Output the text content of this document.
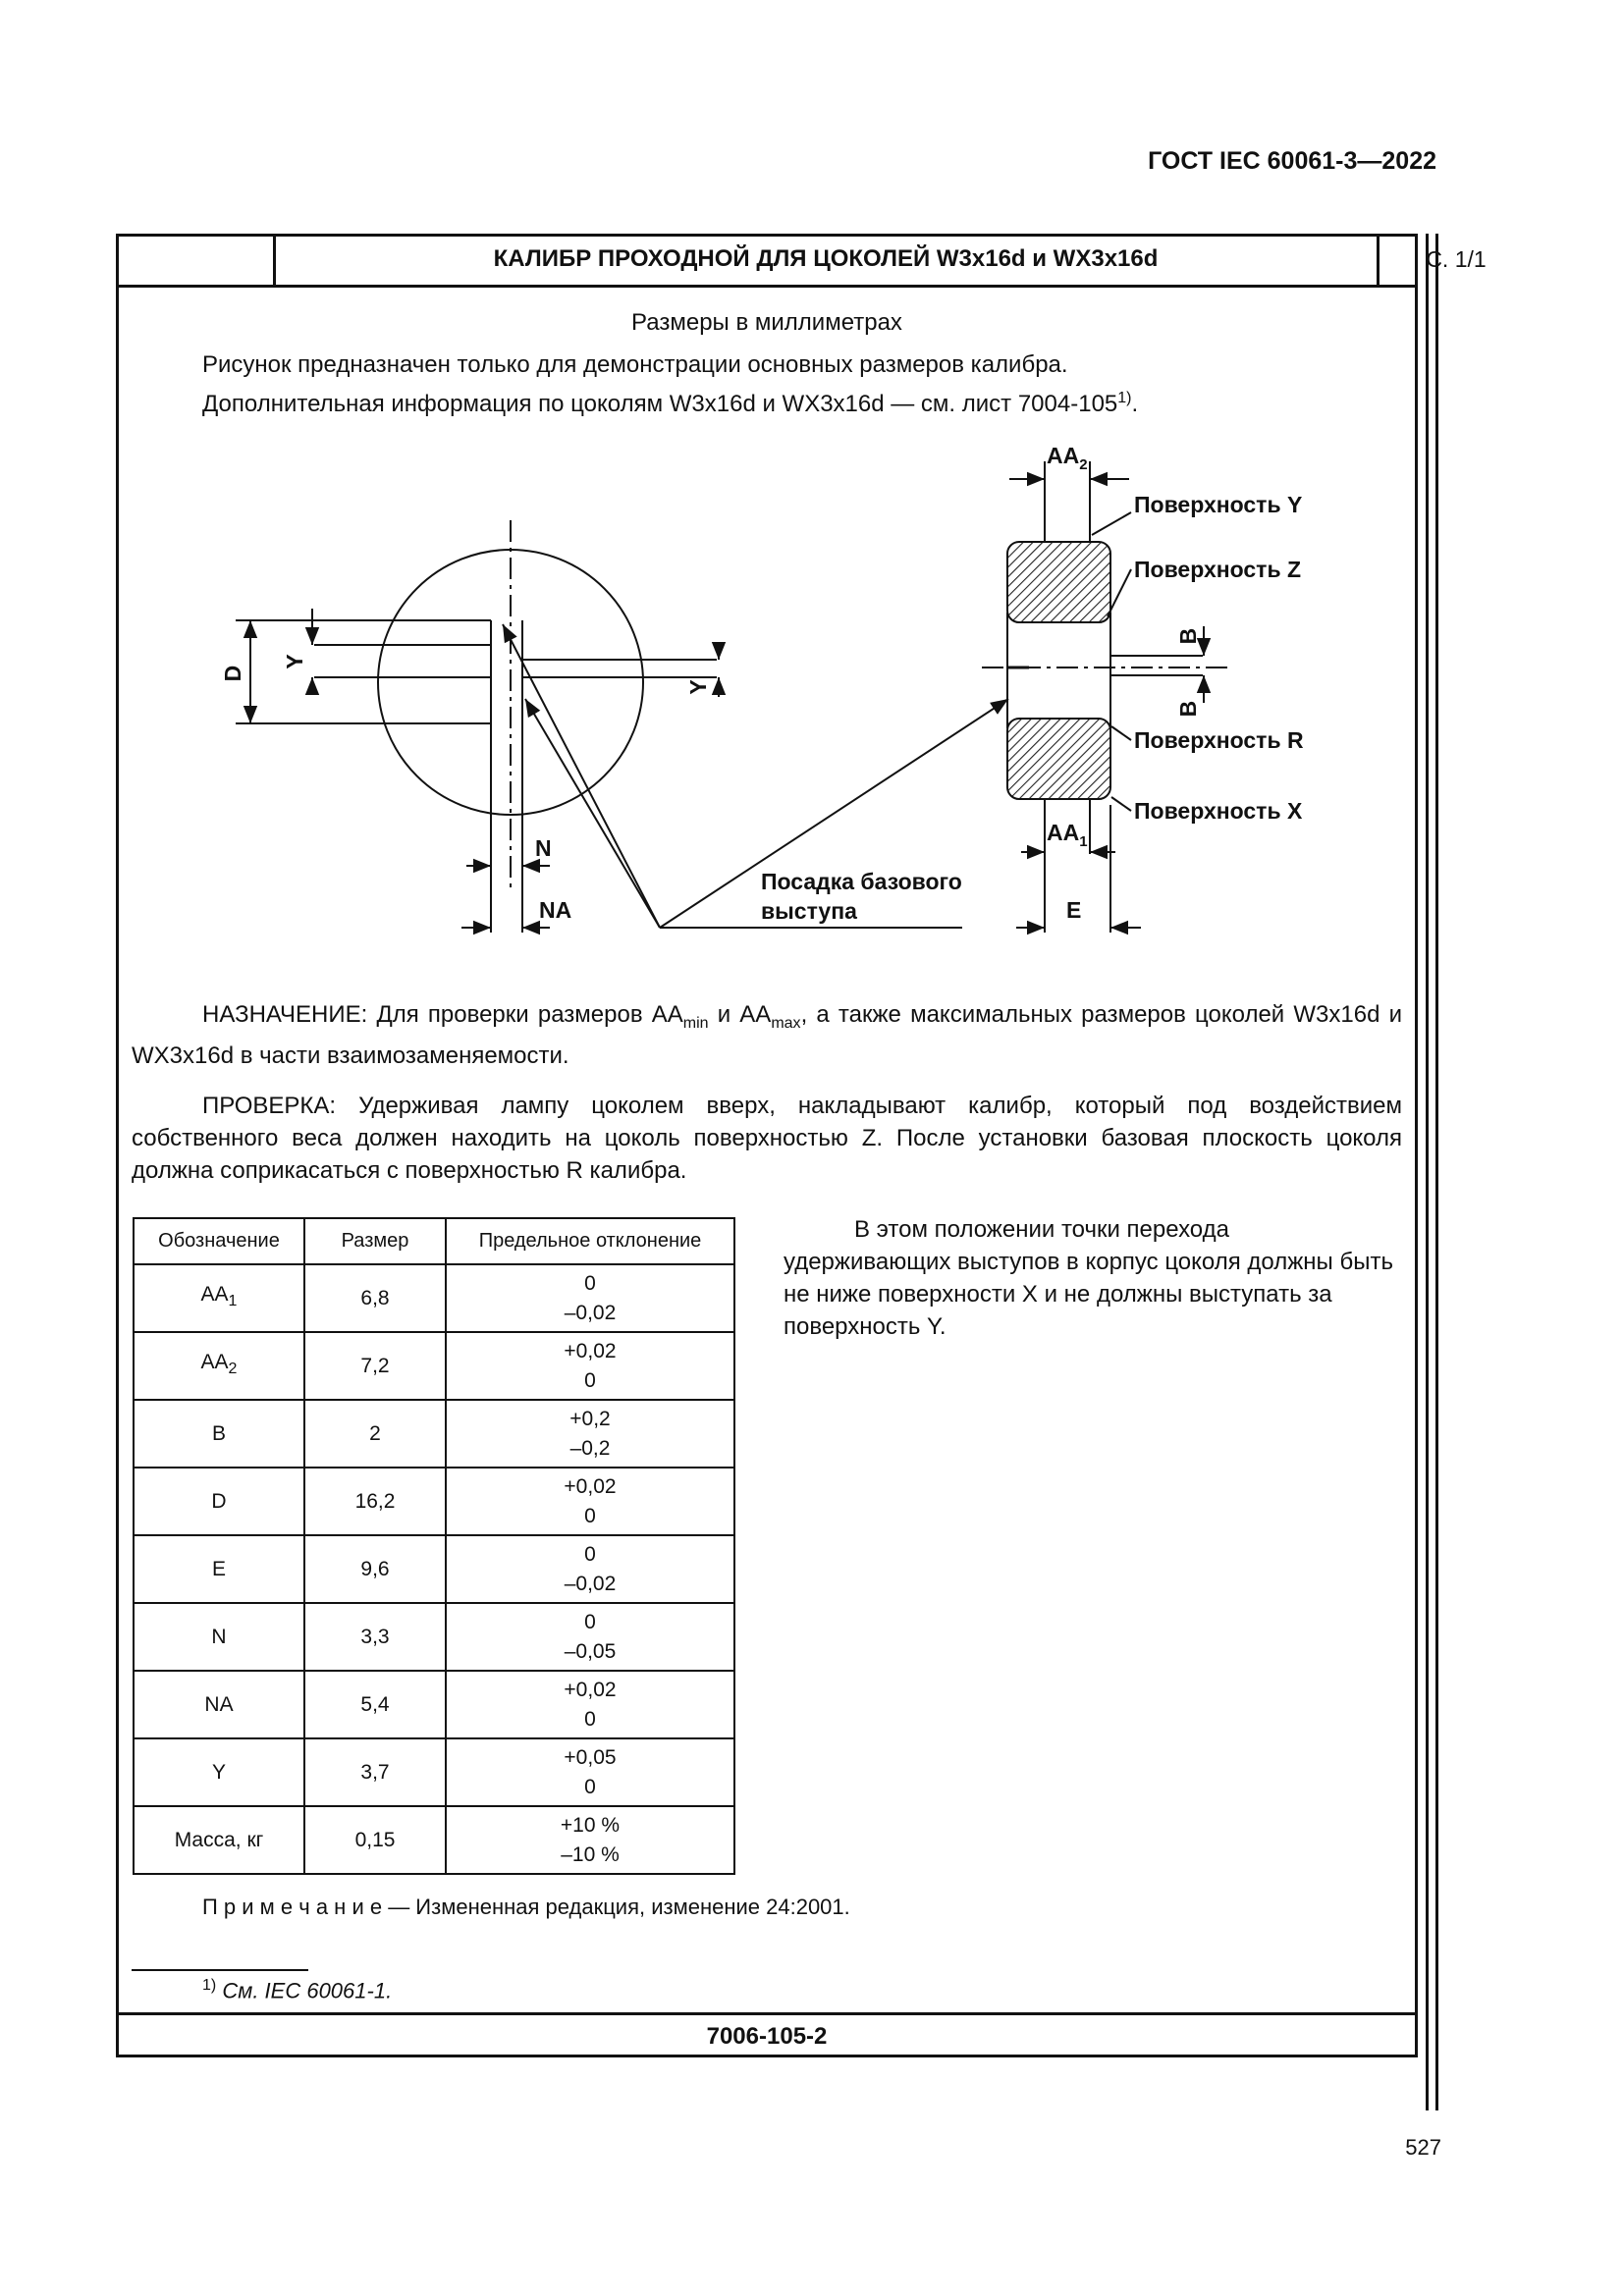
ГОСТ IEC 60061-3—2022
КАЛИБР ПРОХОДНОЙ ДЛЯ ЦОКОЛЕЙ W3x16d и WX3x16d	С. 1/1
Размеры в миллиметрах
Рисунок предназначен только для демонстрации основных размеров калибра.
Дополнительная информация по цоколям W3x16d и WX3x16d — см. лист 7004-105$^{1)}$.
D
Y
Y
N
NA
B
B
E
$AA_2$
$AA_1$
Поверхность Y
Поверхность Z
Поверхность R
Поверхность X
Посадка базового
выступа
НАЗНАЧЕНИЕ: Для проверки размеров $AA_{min}$ и $AA_{max}$, а также максимальных размеров цоколей W3x16d и WX3x16d в части взаимозаменяемости.
ПРОВЕРКА: Удерживая лампу цоколем вверх, накладывают калибр, который под воздействием собственного веса должен находить на цоколь поверхностью Z. После установки базовая плоскость цоколя должна соприкасаться с поверхностью R калибра.
Обозначение	Размер	Предельное отклонение
$AA_1$	6,8	0
–0,02

$AA_2$	7,2	+0,02
0

B	2	+0,2
–0,2

D	16,2	+0,02
0

E	9,6	0
–0,02

N	3,3	0
–0,05

NA	5,4	+0,02
0

Y	3,7	+0,05
0

Масса, кг	0,15	+10 %
–10 %
В этом положении точки перехода удерживающих выступов в корпус цоколя должны быть не ниже поверхности X и не должны выступать за поверхность Y.
П р и м е ч а н и е — Измененная редакция, изменение 24:2001.
$^{1)}$ См. IEC 60061-1.
7006-105-2
527
